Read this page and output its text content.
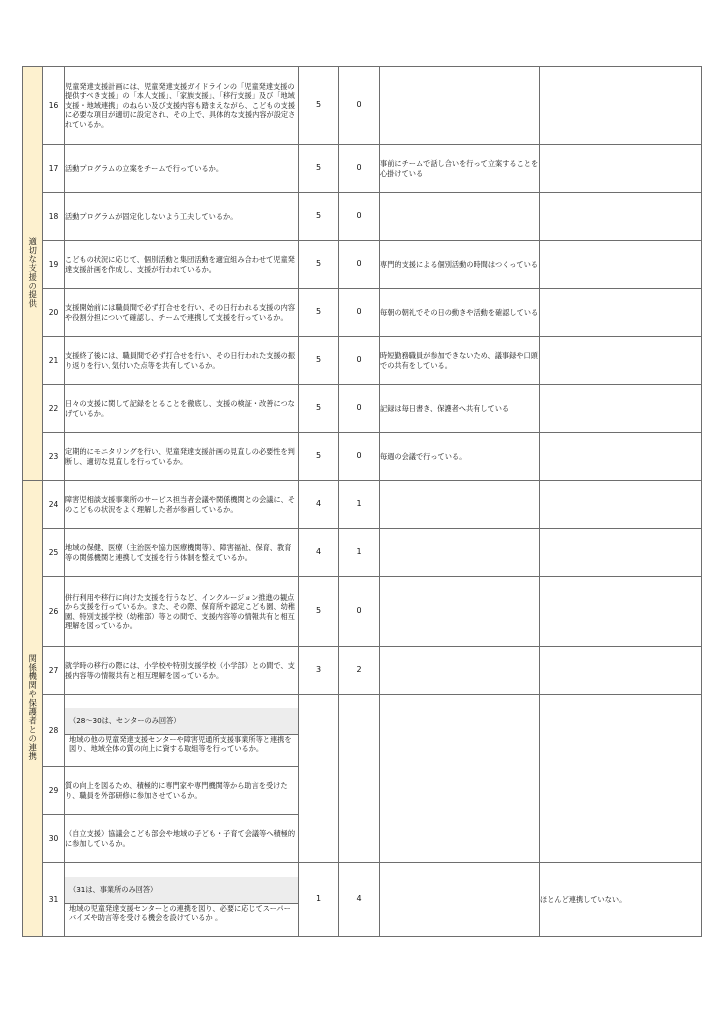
適切な支援の提供	16	児童発達支援計画には、児童発達支援ガイドラインの「児童発達支援の提供すべき支援」の「本人支援」、「家族支援」、「移行支援」及び「地域支援・地域連携」のねらい及び支援内容も踏まえながら、こどもの支援に必要な項目が適切に設定され、その上で、具体的な支援内容が設定されているか。	5	0		
	17	活動プログラムの立案をチームで行っているか。	5	0	事前にチームで話し合いを行って立案することを心掛けている	
	18	活動プログラムが固定化しないよう工夫しているか。	5	0		
	19	こどもの状況に応じて、個別活動と集団活動を適宜組み合わせて児童発達支援計画を作成し、支援が行われているか。	5	0	専門的支援による個別活動の時間はつくっている	
	20	支援開始前には職員間で必ず打合せを行い、その日行われる支援の内容や役割分担について確認し、チームで連携して支援を行っているか。	5	0	毎朝の朝礼でその日の動きや活動を確認している	
	21	支援終了後には、職員間で必ず打合せを行い、その日行われた支援の振り返りを行い､気付いた点等を共有しているか。	5	0	時短勤務職員が参加できないため、議事録や口頭での共有をしている。	
	22	日々の支援に関して記録をとることを徹底し、支援の検証・改善につなげているか。	5	0	記録は毎日書き、保護者へ共有している	
	23	定期的にモニタリングを行い、児童発達支援計画の見直しの必要性を判断し、適切な見直しを行っているか。	5	0	毎週の会議で行っている。	
関係機関や保護者との連携	24	障害児相談支援事業所のサービス担当者会議や関係機関との会議に、そのこどもの状況をよく理解した者が参画しているか。	4	1		
	25	地域の保健、医療（主治医や協力医療機関等）、障害福祉、保育、教育等の関係機関と連携して支援を行う体制を整えているか。	4	1		
	26	併行利用や移行に向けた支援を行うなど、インクルージョン推進の観点から支援を行っているか。また、その際、保育所や認定こども園、幼稚園、特別支援学校（幼稚部）等との間で、支援内容等の情報共有と相互理解を図っているか。	5	0		
	27	就学時の移行の際には、小学校や特別支援学校（小学部）との間で、支援内容等の情報共有と相互理解を図っているか。	3	2		
	28	（28～30は、センターのみ回答）
地域の他の児童発達支援センターや障害児通所支援事業所等と連携を図り、地域全体の質の向上に資する取組等を行っているか。				

	29	質の向上を図るため、積極的に専門家や専門機関等から助言を受けたり、職員を外部研修に参加させているか。				
	30	（自立支援）協議会こども部会や地域の子ども・子育て会議等へ積極的に参加しているか。				
	31	（31は、事業所のみ回答）
地域の児童発達支援センターとの連携を図り、必要に応じてスーパーバイズや助言等を受ける機会を設けているか 。	1	4		ほとんど連携していない。
